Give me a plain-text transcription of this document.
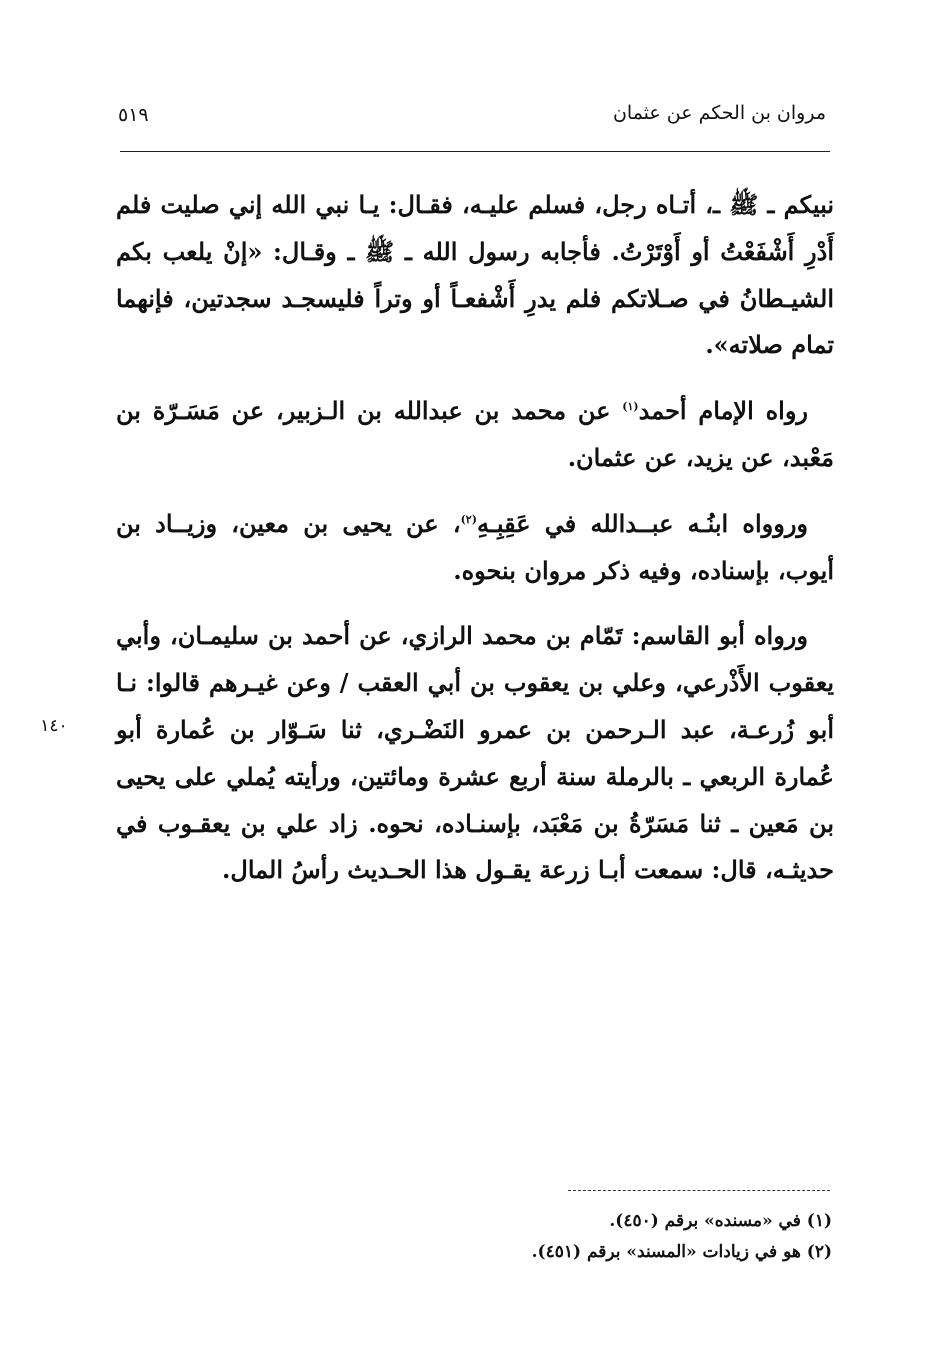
مروان بن الحكم عن عثمان
٥١٩

نبيكم ـ ﷺ ـ، أتـاه رجل، فسلم عليـه، فقـال: يـا نبي الله إني صليت فلم أَدْرِ أَشْفَعْتُ أو أَوْتَرْتُ. فأجابه رسول الله ـ ﷺ ـ وقـال: «إنْ يلعب بكم الشيـطانُ في صـلاتكم فلم يدرِ أَشْفعـاً أو وتراً فليسجـد سجدتين، فإنهما تمام صلاته».

رواه الإمام أحمد$^{(١)}$ عن محمد بن عبدالله بن الـزبير، عن مَسَـرّة بن مَعْبد، عن يزيد، عن عثمان.

وروواه ابنُـه عبــدالله في عَقِبِـهِ$^{(٢)}$، عن يحيى بن معين، وزيــاد بن أيوب، بإسناده، وفيه ذكر مروان بنحوه.

ورواه أبو القاسم: تَمّام بن محمد الرازي، عن أحمد بن سليمـان، وأبي يعقوب الأَذْرعي، وعلي بن يعقوب بن أبي العقب / وعن غيـرهم قالوا: نـا أبو زُرعـة، عبد الـرحمن بن عمرو النَضْـري، ثنا سَـوّار بن عُمارة أبو عُمارة الربعي ـ بالرملة سنة أربع عشرة ومائتين، ورأيته يُملي على يحيى بن مَعين ـ ثنا مَسَرّةُ بن مَعْبَد، بإسنـاده، نحوه. زاد علي بن يعقـوب في حديثـه، قال: سمعت أبـا زرعة يقـول هذا الحـديث رأسُ المال.

١٤٠

(١) في «مسنده» برقم (٤٥٠).

(٢) هو في زيادات «المسند» برقم (٤٥١).
